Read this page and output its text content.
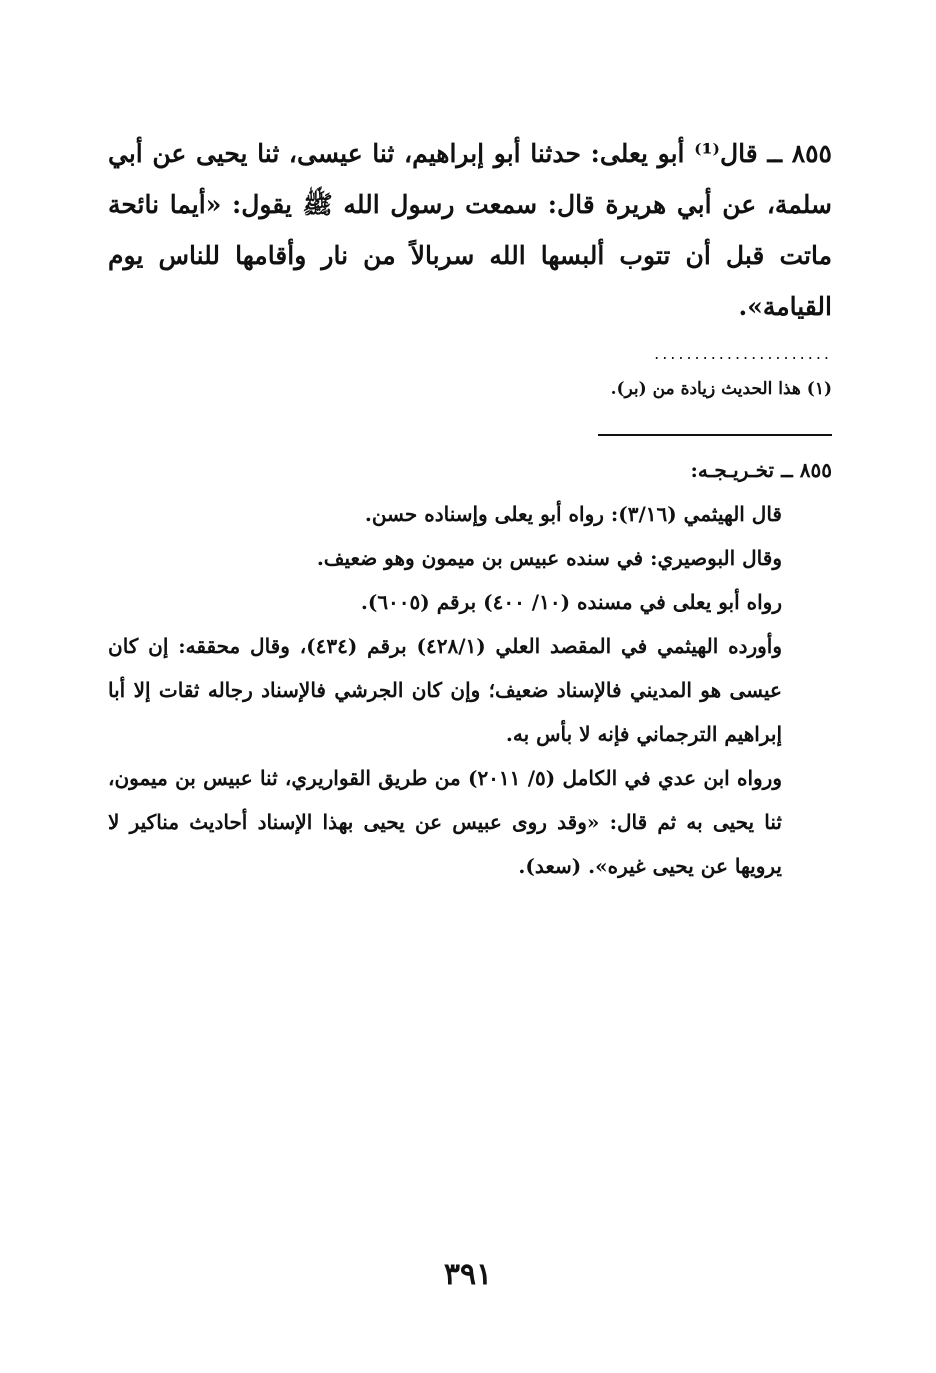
٨٥٥ ــ قال⁽¹⁾ أبو يعلى: حدثنا أبو إبراهيم، ثنا عيسى، ثنا يحيى عن أبي سلمة، عن أبي هريرة قال: سمعت رسول الله ﷺ يقول: «أيما نائحة ماتت قبل أن تتوب ألبسها الله سربالاً من نار وأقامها للناس يوم القيامة».

......................
(١) هذا الحديث زيادة من (بر).

٨٥٥ ــ تخـريـجـه:

قال الهيثمي (٣/١٦): رواه أبو يعلى وإسناده حسن.

وقال البوصيري: في سنده عبيس بن ميمون وهو ضعيف.

رواه أبو يعلى في مسنده (١٠/ ٤٠٠) برقم (٦٠٠٥).

وأورده الهيثمي في المقصد العلي (٤٢٨/١) برقم (٤٣٤)، وقال محققه: إن كان عيسى هو المديني فالإسناد ضعيف؛ وإن كان الجرشي فالإسناد رجاله ثقات إلا أبا إبراهيم الترجماني فإنه لا بأس به.

ورواه ابن عدي في الكامل (٥/ ٢٠١١) من طريق القواريري، ثنا عبيس بن ميمون، ثنا يحيى به ثم قال: «وقد روى عبيس عن يحيى بهذا الإسناد أحاديث مناكير لا يرويها عن يحيى غيره». (سعد).

٣٩١
